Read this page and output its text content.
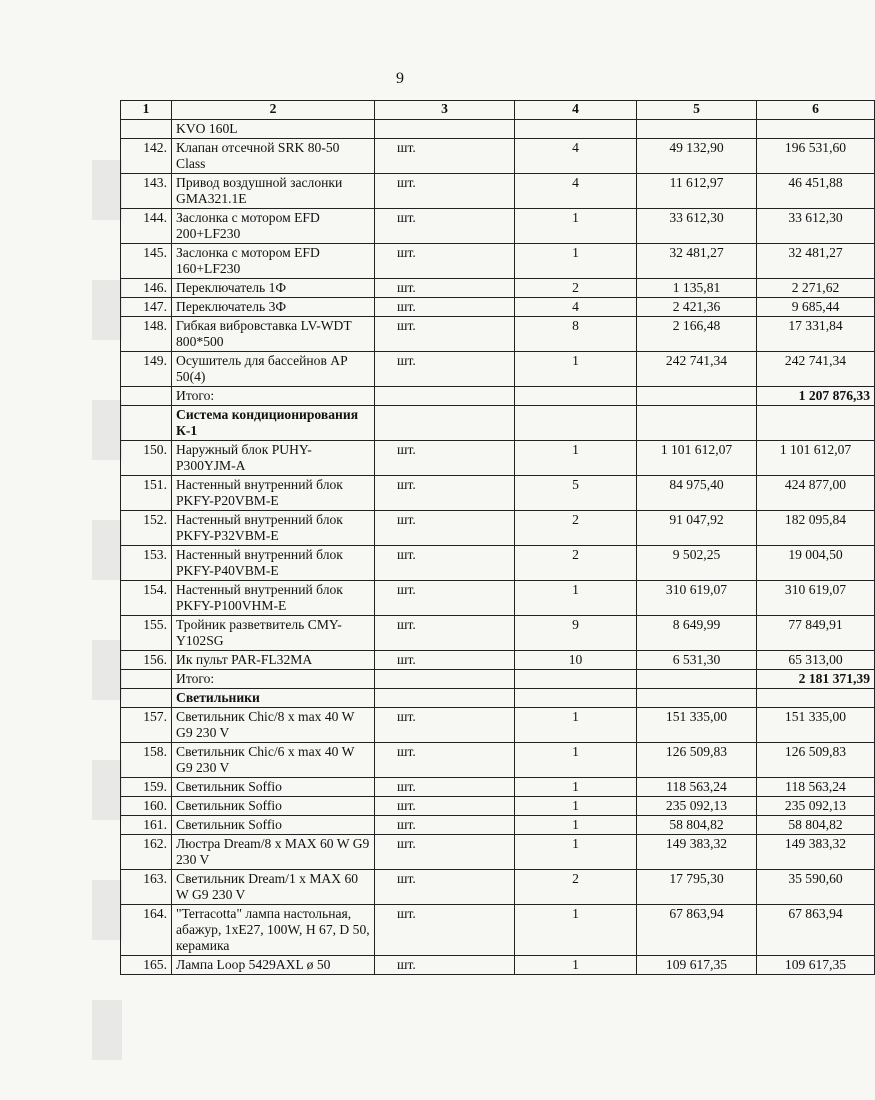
9
1	2	3	4	5	6
	KVO 160L				
142.	Клапан отсечной SRK 80-50 Class	шт.	4	49 132,90	196 531,60
143.	Привод воздушной заслонки GMA321.1E	шт.	4	11 612,97	46 451,88
144.	Заслонка с мотором EFD 200+LF230	шт.	1	33 612,30	33 612,30
145.	Заслонка с мотором EFD 160+LF230	шт.	1	32 481,27	32 481,27
146.	Переключатель 1Ф	шт.	2	1 135,81	2 271,62
147.	Переключатель 3Ф	шт.	4	2 421,36	9 685,44
148.	Гибкая вибровставка LV-WDT 800*500	шт.	8	2 166,48	17 331,84
149.	Осушитель для бассейнов AP 50(4)	шт.	1	242 741,34	242 741,34
	Итого:				1 207 876,33
	Система кондиционирования К-1				
150.	Наружный блок PUHY-P300YJM-A	шт.	1	1 101 612,07	1 101 612,07
151.	Настенный внутренний блок PKFY-P20VBM-E	шт.	5	84 975,40	424 877,00
152.	Настенный внутренний блок PKFY-P32VBM-E	шт.	2	91 047,92	182 095,84
153.	Настенный внутренний блок PKFY-P40VBM-E	шт.	2	9 502,25	19 004,50
154.	Настенный внутренний блок PKFY-P100VHM-E	шт.	1	310 619,07	310 619,07
155.	Тройник разветвитель CMY-Y102SG	шт.	9	8 649,99	77 849,91
156.	Ик пульт PAR-FL32MA	шт.	10	6 531,30	65 313,00
	Итого:				2 181 371,39
	Светильники				
157.	Светильник Chic/8 x max 40 W G9 230 V	шт.	1	151 335,00	151 335,00
158.	Светильник Chic/6 x max 40 W G9 230 V	шт.	1	126 509,83	126 509,83
159.	Светильник Soffio	шт.	1	118 563,24	118 563,24
160.	Светильник Soffio	шт.	1	235 092,13	235 092,13
161.	Светильник Soffio	шт.	1	58 804,82	58 804,82
162.	Люстра Dream/8 x MAX 60 W G9 230 V	шт.	1	149 383,32	149 383,32
163.	Светильник Dream/1 x MAX 60 W G9 230 V	шт.	2	17 795,30	35 590,60
164.	"Terracotta" лампа настольная, абажур, 1xE27, 100W, H 67, D 50, керамика	шт.	1	67 863,94	67 863,94
165.	Лампа Loop 5429AXL ø 50	шт.	1	109 617,35	109 617,35
